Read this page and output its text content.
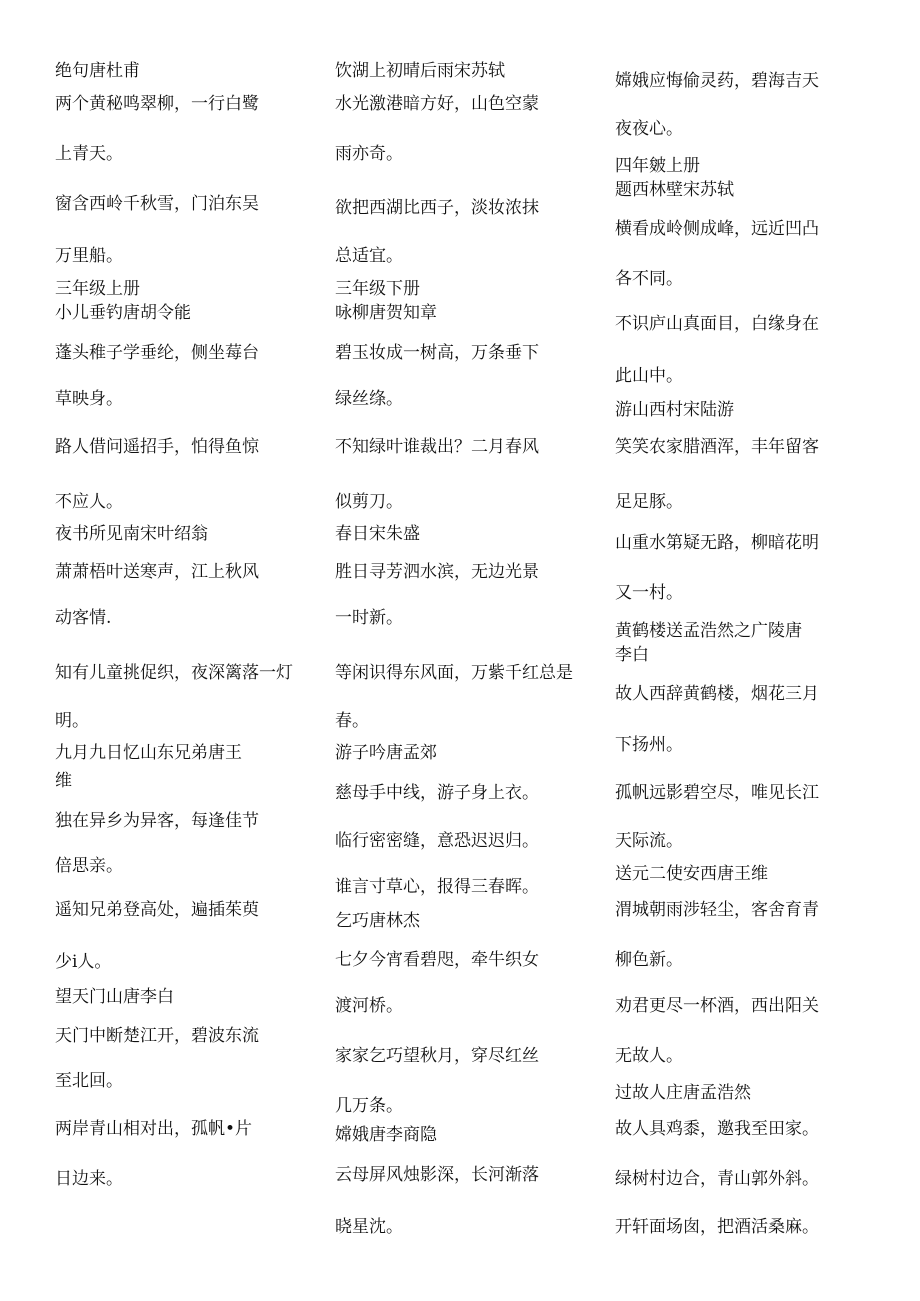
绝句唐杜甫
两个黄秘鸣翠柳，一行白鹭
上青天。
窗含西岭千秋雪，门泊东吴
万里船。
三年级上册
小儿垂钓唐胡令能
蓬头稚子学垂纶，侧坐莓台
草映身。
路人借问遥招手，怕得鱼惊
不应人。
夜书所见南宋叶绍翁
萧萧梧叶送寒声，江上秋风
动客情.
知有儿童挑促织，夜深篱落一灯
明。
九月九日忆山东兄弟唐王
维
独在异乡为异客，每逢佳节
倍思亲。
遥知兄弟登高处，遍插茱萸
少i人。
望天门山唐李白
天门中断楚江开，碧波东流
至北回。
两岸青山相对出，孤帆•片
日边来。
饮湖上初晴后雨宋苏轼
水光激港暗方好，山色空蒙
雨亦奇。
欲把西湖比西子，淡妆浓抹
总适宜。
三年级下册
咏柳唐贺知章
碧玉妆成一树高，万条垂下
绿丝绦。
不知绿叶谁裁出？二月春风
似剪刀。
春日宋朱盛
胜日寻芳泗水滨，无边光景
一时新。
等闲识得东风面，万紫千红总是
春。
游子吟唐孟郊
慈母手中线，游子身上衣。
临行密密缝，意恐迟迟归。
谁言寸草心，报得三春晖。
乞巧唐林杰
七夕今宵看碧咫，牵牛织女
渡河桥。
家家乞巧望秋月，穿尽红丝
几万条。
嫦娥唐李商隐
云母屏风烛影深，长河渐落
晓星沈。
嫦娥应悔偷灵药，碧海吉天
夜夜心。
四年皴上册
题西林壁宋苏轼
横看成岭侧成峰，远近凹凸
各不同。
不识庐山真面目，白缘身在
此山中。
游山西村宋陆游
笑笑农家腊酒浑，丰年留客
足足豚。
山重水第疑无路，柳暗花明
又一村。
黄鹤楼送孟浩然之广陵唐
李白
故人西辞黄鹤楼，烟花三月
下扬州。
孤帆远影碧空尽，唯见长江
天际流。
送元二使安西唐王维
渭城朝雨涉轻尘，客舍育青
柳色新。
劝君更尽一杯酒，西出阳关
无故人。
过故人庄唐孟浩然
故人具鸡黍，邀我至田家。
绿树村边合，青山郭外斜。
开轩面场囱，把酒活桑麻。
